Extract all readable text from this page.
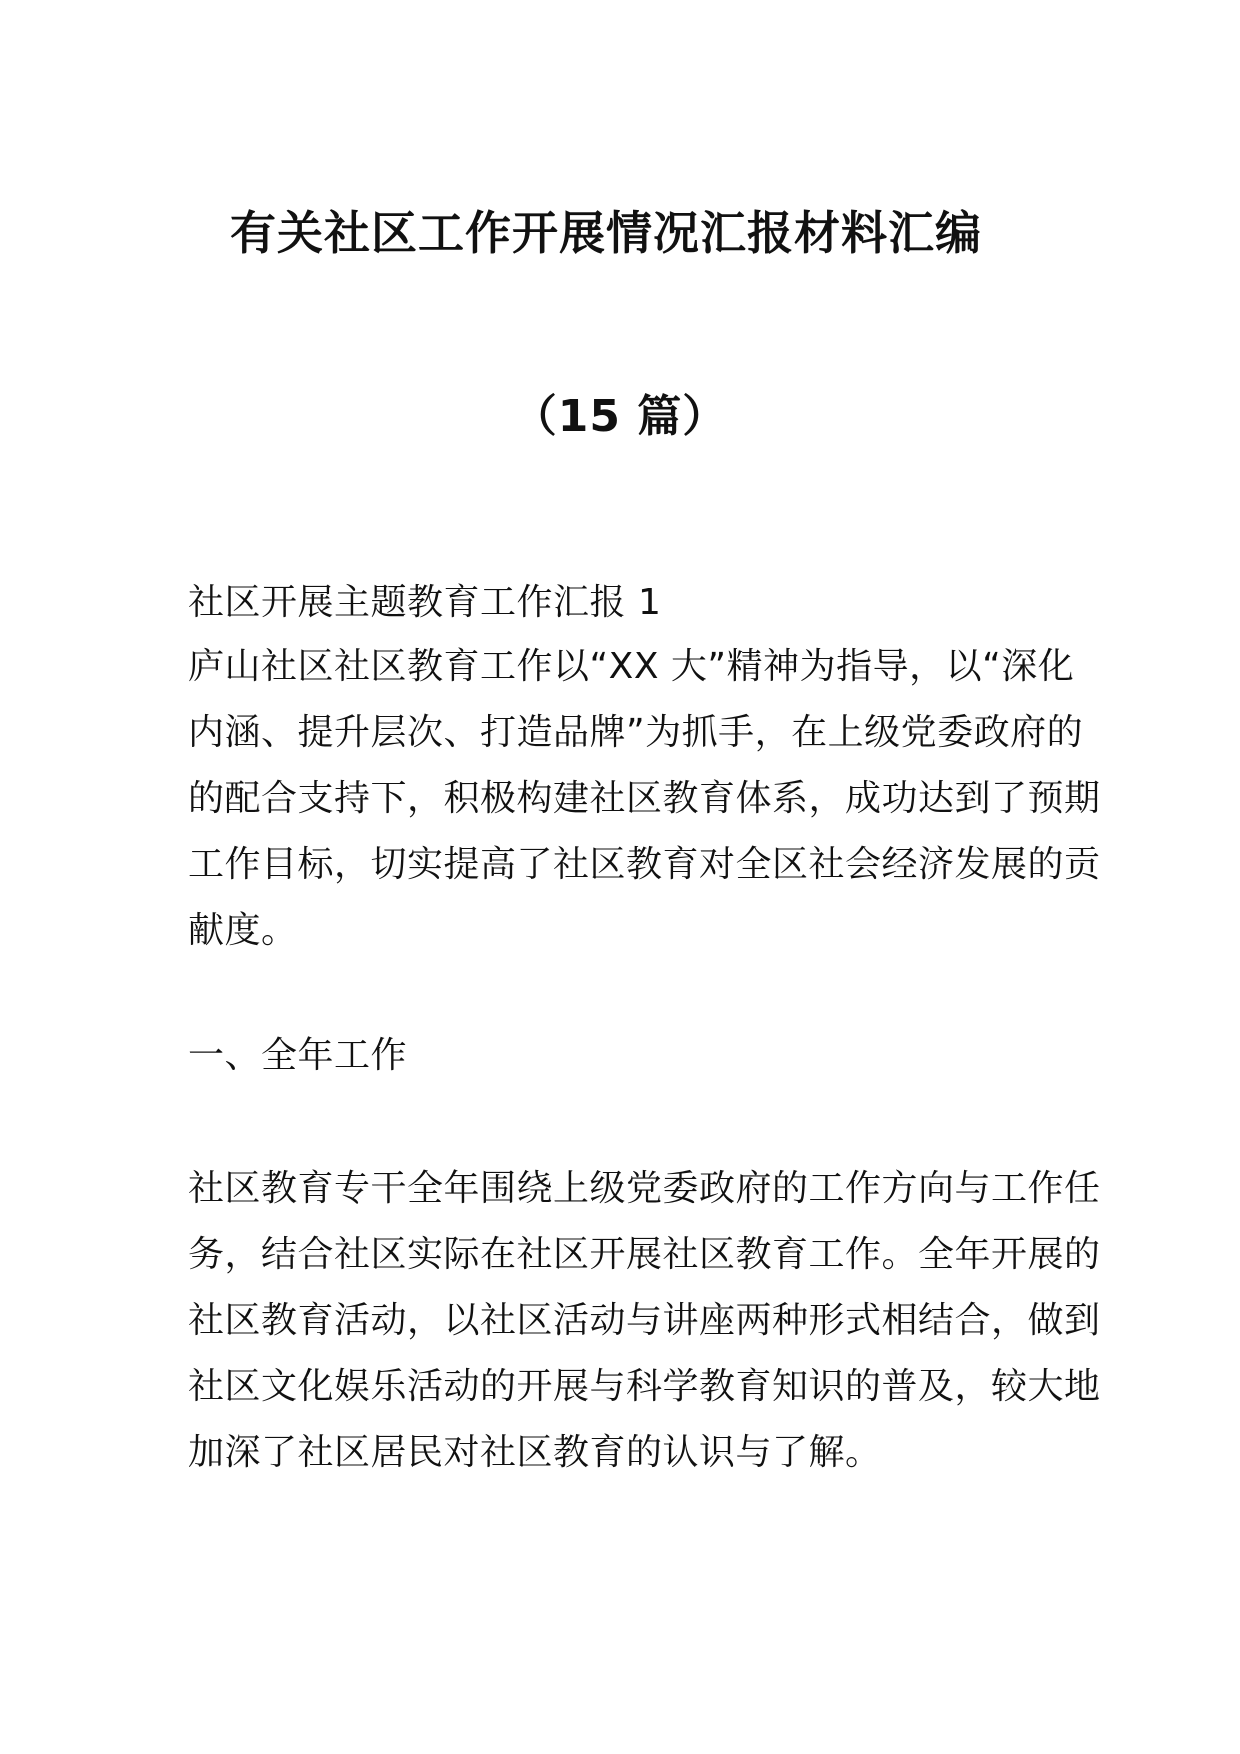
有关社区工作开展情况汇报材料汇编
（15 篇）

社区开展主题教育工作汇报 1

庐山社区社区教育工作以“XX 大”精神为指导，以“深化
内涵、提升层次、打造品牌”为抓手，在上级党委政府的
的配合支持下，积极构建社区教育体系，成功达到了预期
工作目标，切实提高了社区教育对全区社会经济发展的贡
献度。

一、全年工作

社区教育专干全年围绕上级党委政府的工作方向与工作任
务，结合社区实际在社区开展社区教育工作。全年开展的
社区教育活动，以社区活动与讲座两种形式相结合，做到
社区文化娱乐活动的开展与科学教育知识的普及，较大地
加深了社区居民对社区教育的认识与了解。
